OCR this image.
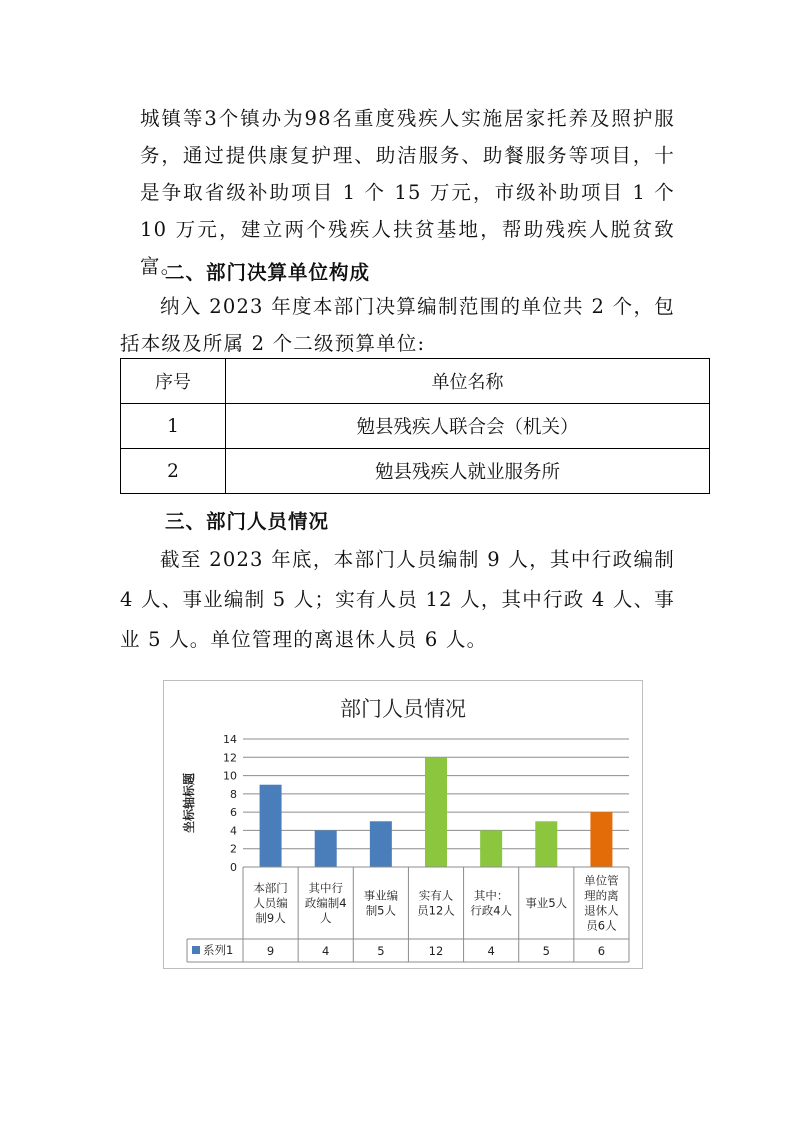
城镇等3个镇办为98名重度残疾人实施居家托养及照护服务，通过提供康复护理、助洁服务、助餐服务等项目，十是争取省级补助项目 1 个 15 万元，市级补助项目 1 个 10 万元，建立两个残疾人扶贫基地，帮助残疾人脱贫致富。
二、部门决算单位构成
纳入 2023 年度本部门决算编制范围的单位共 2 个，包括本级及所属 2 个二级预算单位:
序号	单位名称
1	勉县残疾人联合会（机关）
2	勉县残疾人就业服务所
三、部门人员情况
截至 2023 年底，本部门人员编制 9 人，其中行政编制 4 人、事业编制 5 人；实有人员 12 人，其中行政 4 人、事业 5 人。单位管理的离退休人员 6 人。
部门人员情况
坐标轴标题
0
2
4
6
8
10
12
14
本部门
人员编
制9人
其中行
政编制4
人
事业编
制5人
实有人
员12人
其中：
行政4人
事业5人
单位管
理的离
退休人
员6人
系列1	9	4	5	12	4	5	6
